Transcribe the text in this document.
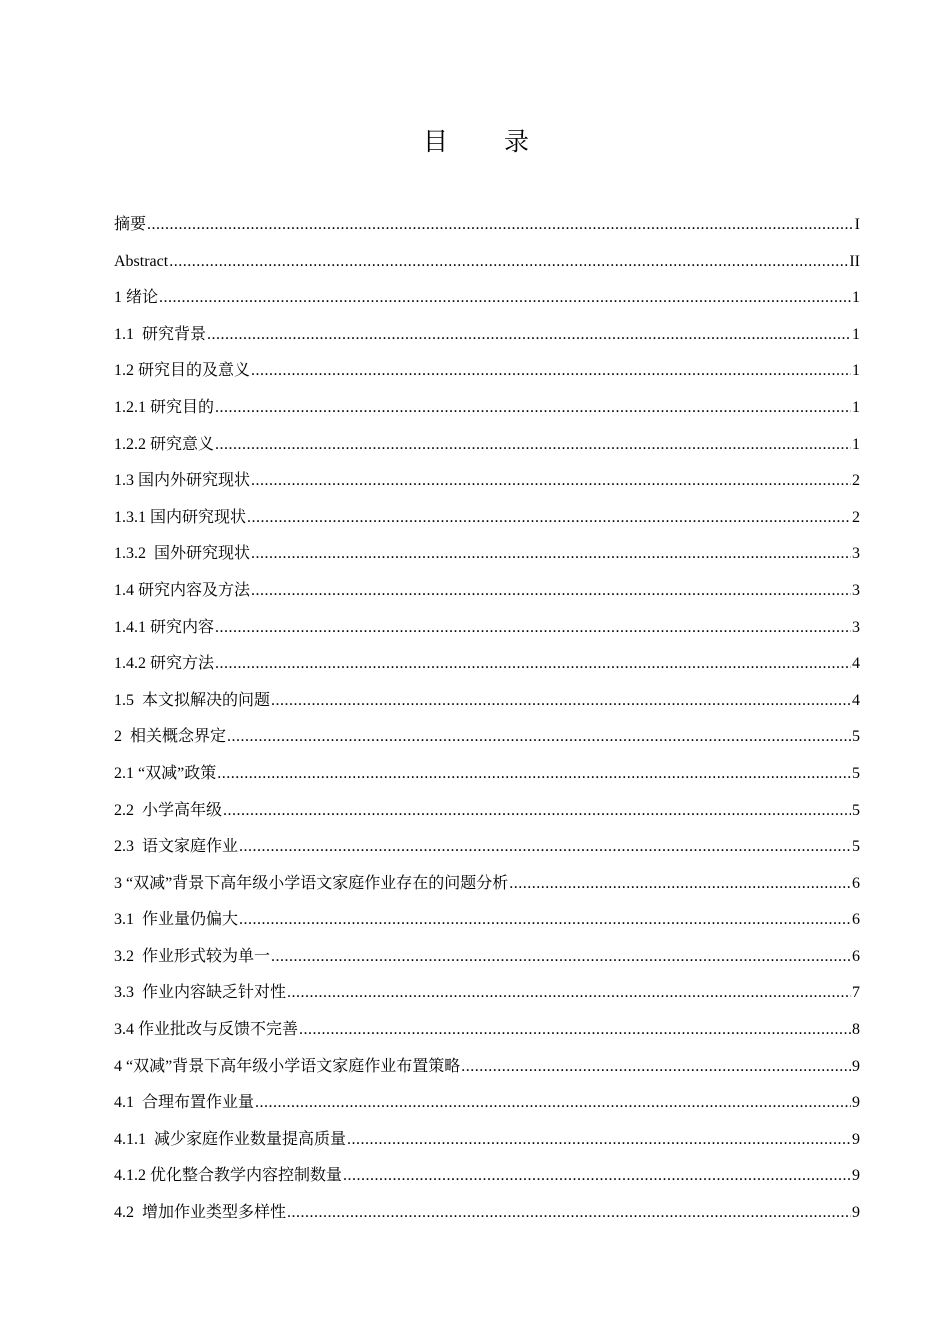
目 录
摘要 .....	I
Abstract .....	II
1 绪论 .....	1
1.1  研究背景 .....	1
1.2 研究目的及意义 .....	1
1.2.1 研究目的 .....	1
1.2.2 研究意义 .....	1
1.3 国内外研究现状 .....	2
1.3.1 国内研究现状 .....	2
1.3.2  国外研究现状 .....	3
1.4 研究内容及方法 .....	3
1.4.1 研究内容 .....	3
1.4.2 研究方法 .....	4
1.5  本文拟解决的问题 .....	4
2  相关概念界定 .....	5
2.1 “双减”政策 .....	5
2.2  小学高年级 .....	5
2.3  语文家庭作业 .....	5
3 “双减”背景下高年级小学语文家庭作业存在的问题分析 .....	6
3.1  作业量仍偏大 .....	6
3.2  作业形式较为单一 .....	6
3.3  作业内容缺乏针对性 .....	7
3.4 作业批改与反馈不完善 .....	8
4 “双减”背景下高年级小学语文家庭作业布置策略 .....	9
4.1  合理布置作业量 .....	9
4.1.1  减少家庭作业数量提高质量 .....	9
4.1.2 优化整合教学内容控制数量 .....	9
4.2  增加作业类型多样性 .....	9
